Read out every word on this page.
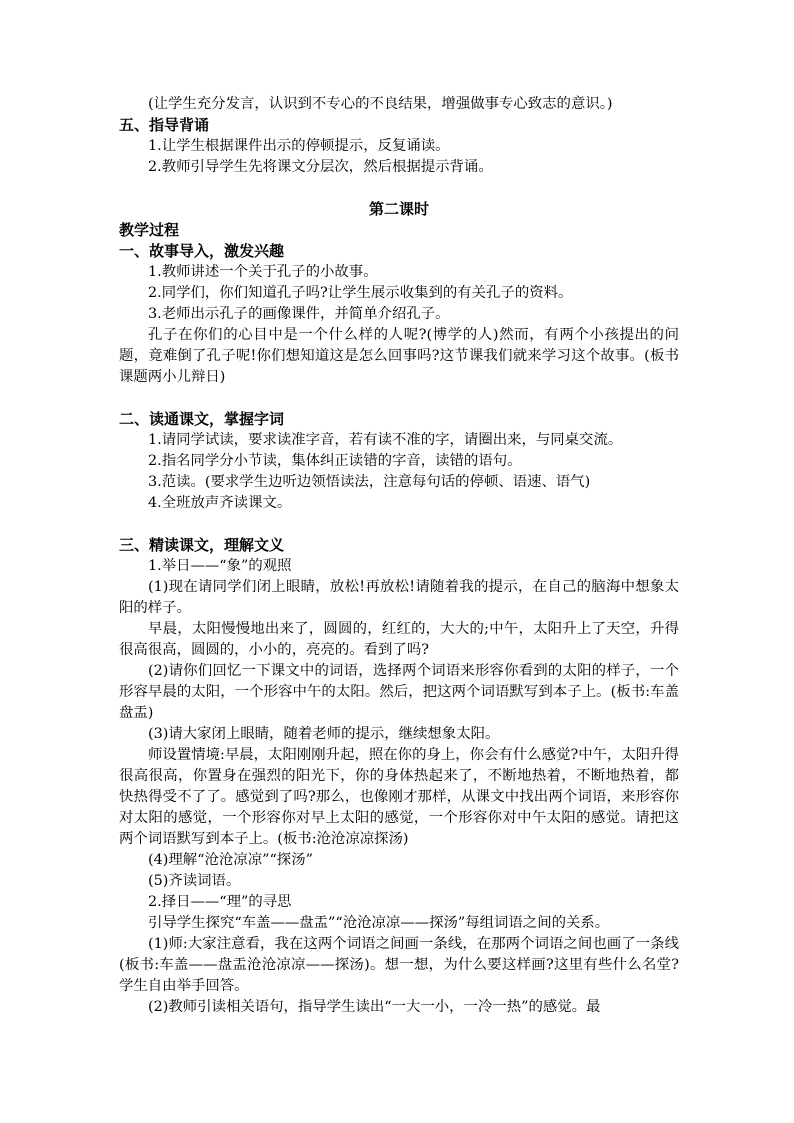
(让学生充分发言，认识到不专心的不良结果，增强做事专心致志的意识。)

五、指导背诵

1.让学生根据课件出示的停顿提示，反复诵读。

2.教师引导学生先将课文分层次，然后根据提示背诵。

第二课时

教学过程

一、故事导入，激发兴趣

1.教师讲述一个关于孔子的小故事。

2.同学们，你们知道孔子吗?让学生展示收集到的有关孔子的资料。

3.老师出示孔子的画像课件，并简单介绍孔子。

孔子在你们的心目中是一个什么样的人呢?(博学的人)然而，有两个小孩提出的问题，竟难倒了孔子呢!你们想知道这是怎么回事吗?这节课我们就来学习这个故事。(板书课题两小儿辩日)

二、读通课文，掌握字词

1.请同学试读，要求读准字音，若有读不准的字，请圈出来，与同桌交流。

2.指名同学分小节读，集体纠正读错的字音，读错的语句。

3.范读。(要求学生边听边领悟读法，注意每句话的停顿、语速、语气)

4.全班放声齐读课文。

三、精读课文，理解文义

1.举日——“象”的观照

(1)现在请同学们闭上眼睛，放松!再放松!请随着我的提示，在自己的脑海中想象太阳的样子。

早晨，太阳慢慢地出来了，圆圆的，红红的，大大的;中午，太阳升上了天空，升得很高很高，圆圆的，小小的，亮亮的。看到了吗?

(2)请你们回忆一下课文中的词语，选择两个词语来形容你看到的太阳的样子，一个形容早晨的太阳，一个形容中午的太阳。然后，把这两个词语默写到本子上。(板书:车盖盘盂)

(3)请大家闭上眼睛，随着老师的提示，继续想象太阳。

师设置情境:早晨，太阳刚刚升起，照在你的身上，你会有什么感觉?中午，太阳升得很高很高，你置身在强烈的阳光下，你的身体热起来了，不断地热着，不断地热着，都快热得受不了了。感觉到了吗?那么，也像刚才那样，从课文中找出两个词语，来形容你对太阳的感觉，一个形容你对早上太阳的感觉，一个形容你对中午太阳的感觉。请把这两个词语默写到本子上。(板书:沧沧凉凉探汤)

(4)理解“沧沧凉凉”“探汤”

(5)齐读词语。

2.择日——“理”的寻思

引导学生探究“车盖——盘盂”“沧沧凉凉——探汤”每组词语之间的关系。

(1)师:大家注意看，我在这两个词语之间画一条线，在那两个词语之间也画了一条线(板书:车盖——盘盂沧沧凉凉——探汤)。想一想，为什么要这样画?这里有些什么名堂?学生自由举手回答。

(2)教师引读相关语句，指导学生读出“一大一小，一冷一热”的感觉。最
